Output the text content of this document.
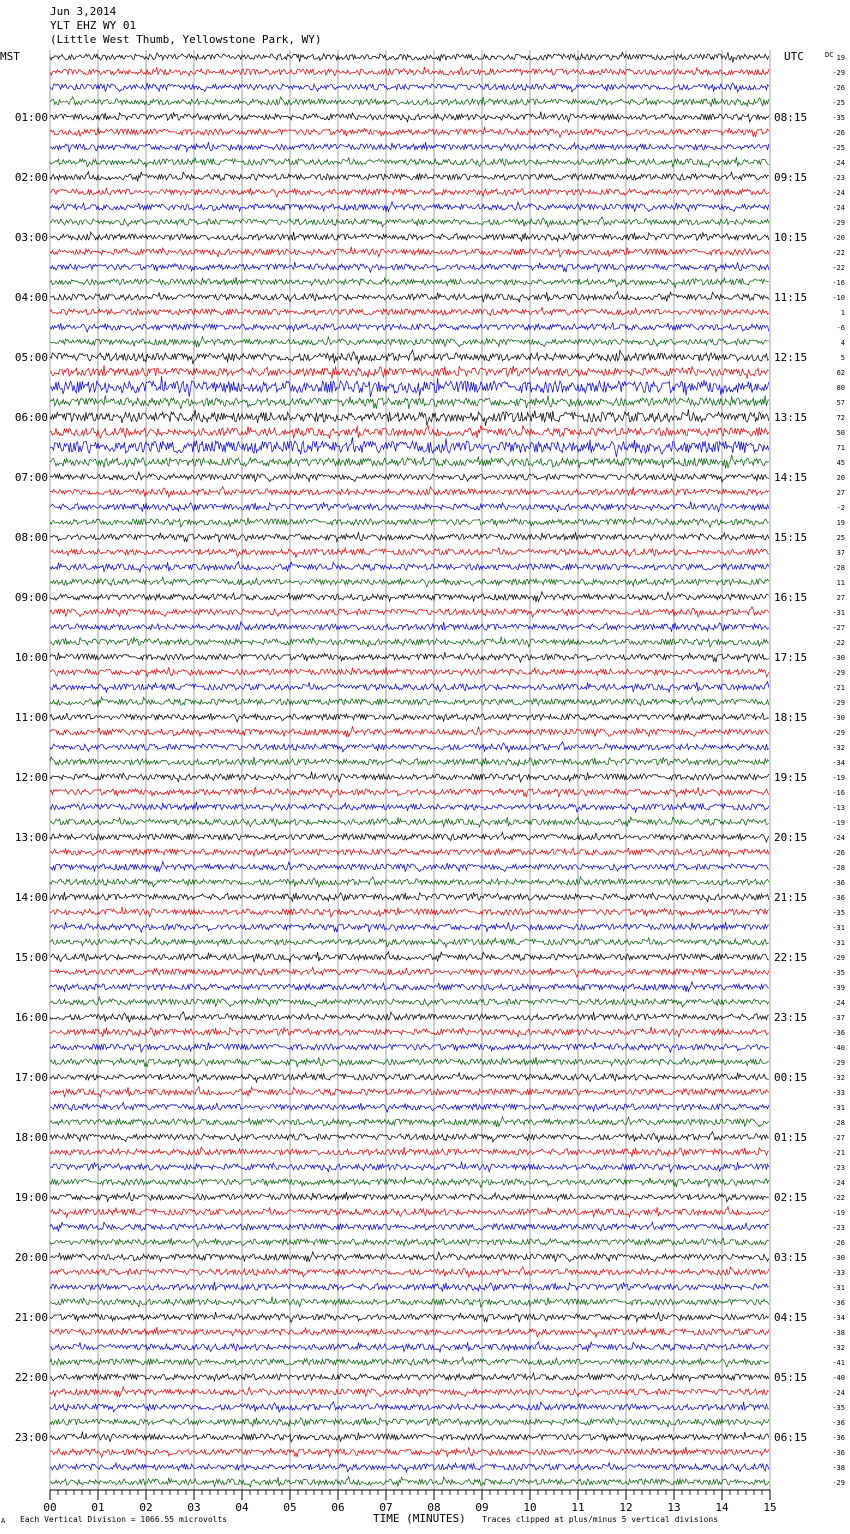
Jun 3,2014
YLT EHZ WY 01
(Little West Thumb, Yellowstone Park, WY)
MST	UTC	DC
01:00
02:00
03:00
04:00
05:00
06:00
07:00
08:00
09:00
10:00
11:00
12:00
13:00
14:00
15:00
16:00
17:00
18:00
19:00
20:00
21:00
22:00
23:00
08:15
09:15
10:15
11:15
12:15
13:15
14:15
15:15
16:15
17:15
18:15
19:15
20:15
21:15
22:15
23:15
00:15
01:15
02:15
03:15
04:15
05:15
06:15
19
-29
-26
-25
-35
-26
-25
-24
-23
-24
-24
-29
-20
-22
-22
-16
-10
1
-6
4
5
62
80
57
72
50
71
45
20
27
-2
19
25
37
-28
11
27
-31
-27
-22
-30
-29
-21
-29
-30
-29
-32
-34
-19
-16
-13
-19
-24
-26
-28
-36
-36
-35
-31
-31
-29
-35
-39
-24
-37
-36
-40
-29
-32
-33
-31
-28
-27
-21
-23
-24
-22
-19
-23
-26
-30
-33
-31
-36
-34
-38
-32
-41
-40
-24
-35
-36
-36
-36
-38
-29
00	01	02	03	04	05	06	07	08	09	10	11	12	13	14	15
A Each Vertical Division = 1066.55 microvolts	TIME (MINUTES) Traces clipped at plus/minus 5 vertical divisions
